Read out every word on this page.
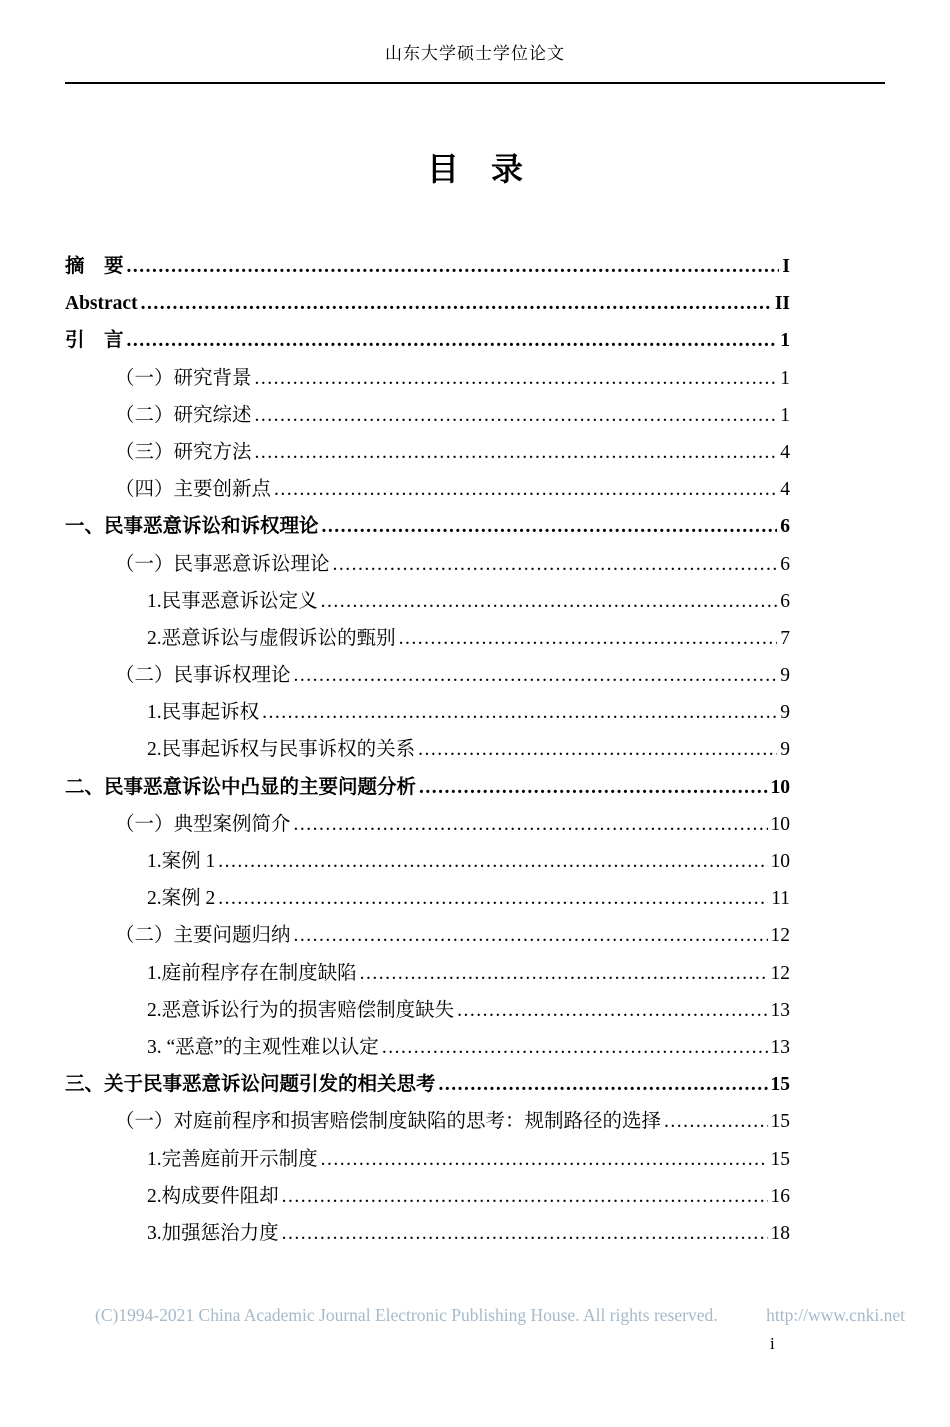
山东大学硕士学位论文
目　录
摘　要 .....	I
Abstract .....	II
引　言 .....	1
（一）研究背景 .....	1
（二）研究综述 .....	1
（三）研究方法 .....	4
（四）主要创新点 .....	4
一、民事恶意诉讼和诉权理论 .....	6
（一）民事恶意诉讼理论 .....	6
1.民事恶意诉讼定义 .....	6
2.恶意诉讼与虚假诉讼的甄别 .....	7
（二）民事诉权理论 .....	9
1.民事起诉权 .....	9
2.民事起诉权与民事诉权的关系 .....	9
二、民事恶意诉讼中凸显的主要问题分析 .....	10
（一）典型案例简介 .....	10
1.案例 1 .....	10
2.案例 2 .....	11
（二）主要问题归纳 .....	12
1.庭前程序存在制度缺陷 .....	12
2.恶意诉讼行为的损害赔偿制度缺失 .....	13
3. “恶意”的主观性难以认定 .....	13
三、关于民事恶意诉讼问题引发的相关思考 .....	15
（一）对庭前程序和损害赔偿制度缺陷的思考：规制路径的选择 .....	15
1.完善庭前开示制度 .....	15
2.构成要件阻却 .....	16
3.加强惩治力度 .....	18
(C)1994-2021 China Academic Journal Electronic Publishing House. All rights reserved.	http://www.cnki.net
i
